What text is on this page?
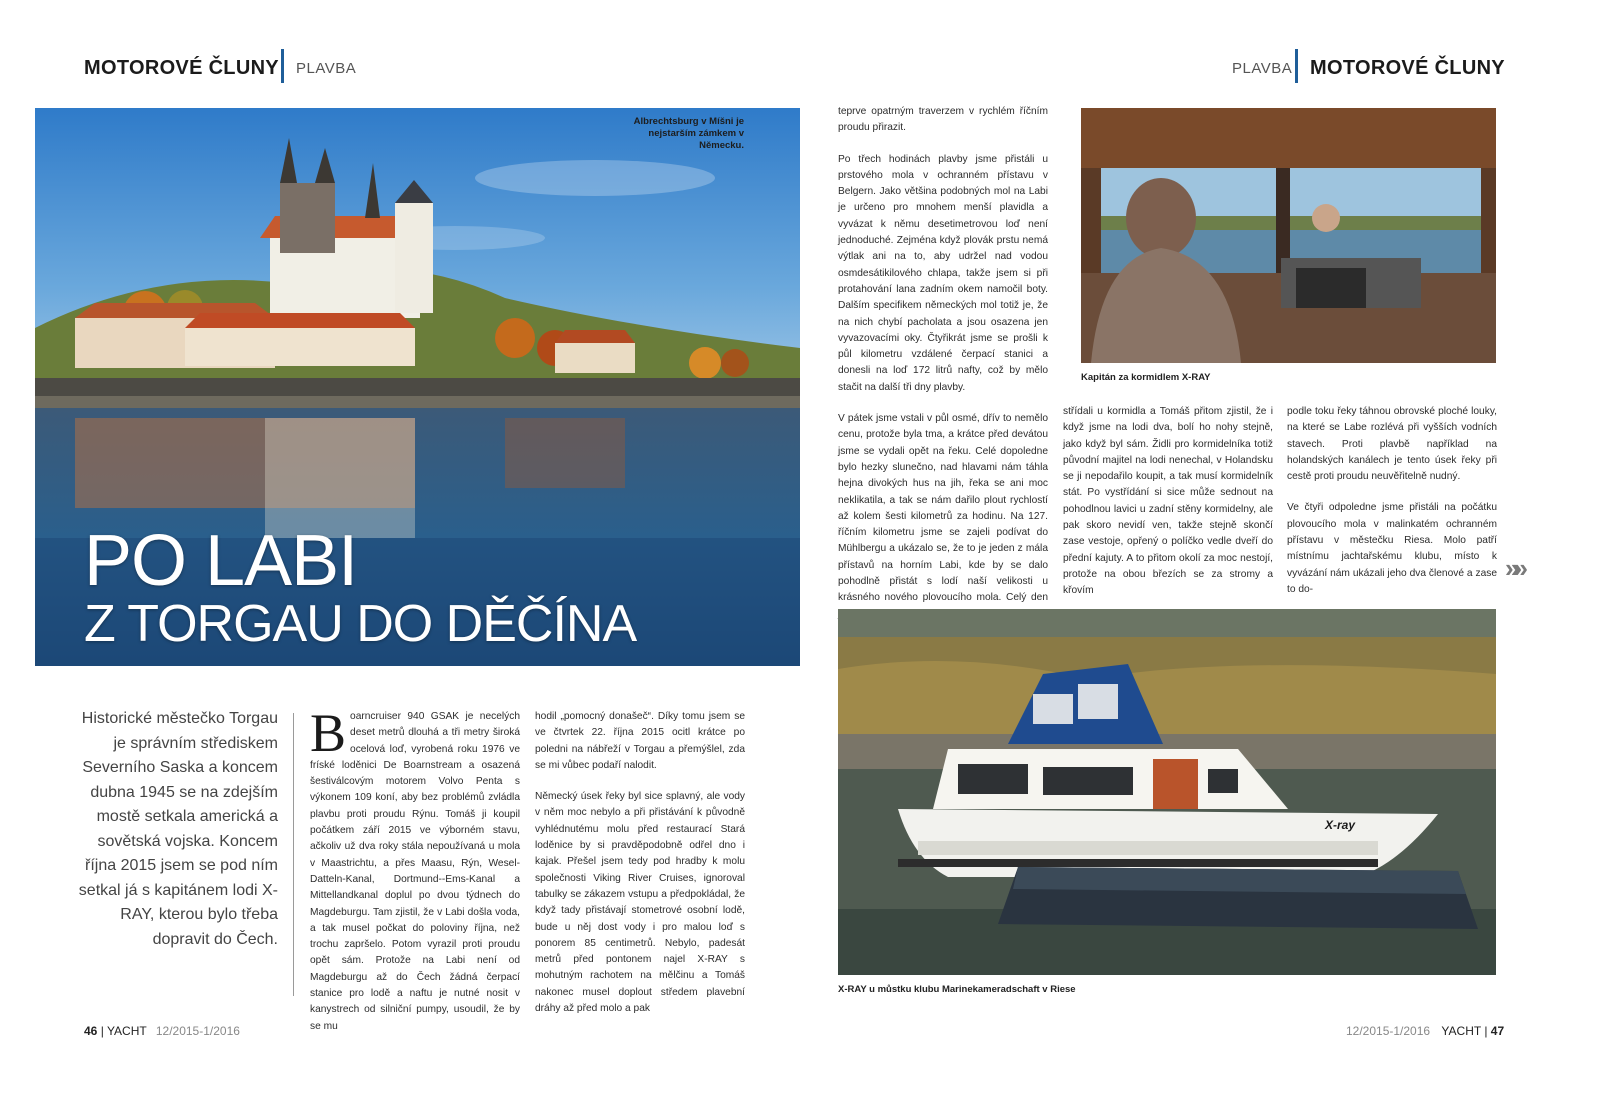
MOTOROVÉ ČLUNY PLAVBA	PLAVBA MOTOROVÉ ČLUNY
Albrechtsburg v Míšni je nejstarším zámkem v Německu.
PO LABI
Z TORGAU DO DĚČÍNA
Historické městečko Torgau je správním střediskem Severního Saska a koncem dubna 1945 se na zdejším mostě setkala americká a sovětská vojska. Koncem října 2015 jsem se pod ním setkal já s kapitánem lodi X-RAY, kterou bylo třeba dopravit do Čech.
Boarncruiser 940 GSAK je necelých deset metrů dlouhá a tři metry široká ocelová loď, vyrobená roku 1976 ve fríské loděnici De Boarnstream a osazená šestiválcovým motorem Volvo Penta s výkonem 109 koní, aby bez problémů zvládla plavbu proti proudu Rýnu. Tomáš ji koupil počátkem září 2015 ve výborném stavu, ačkoliv už dva roky stála nepoužívaná u mola v Maastrichtu, a přes Maasu, Rýn, Wesel-Datteln-Kanal, Dortmund--Ems-Kanal a Mittellandkanal doplul po dvou týdnech do Magdeburgu. Tam zjistil, že v Labi došla voda, a tak musel počkat do poloviny října, než trochu zapršelo. Potom vyrazil proti proudu opět sám. Protože na Labi není od Magdeburgu až do Čech žádná čerpací stanice pro lodě a naftu je nutné nosit v kanystrech od silniční pumpy, usoudil, že by se mu

hodil „pomocný donašeč“. Díky tomu jsem se ve čtvrtek 22. října 2015 ocitl krátce po poledni na nábřeží v Torgau a přemýšlel, zda se mi vůbec podaří nalodit.

Německý úsek řeky byl sice splavný, ale vody v něm moc nebylo a při přistávání k původně vyhlédnutému molu před restaurací Stará loděnice by si pravděpodobně odřel dno i kajak. Přešel jsem tedy pod hradby k molu společnosti Viking River Cruises, ignoroval tabulky se zákazem vstupu a předpokládal, že když tady přistávají stometrové osobní lodě, bude u něj dost vody i pro malou loď s ponorem 85 centimetrů. Nebylo, padesát metrů před pontonem najel X-RAY s mohutným rachotem na mělčinu a Tomáš nakonec musel doplout středem plavební dráhy až před molo a pak

teprve opatrným traverzem v rychlém říčním proudu přirazit.

Po třech hodinách plavby jsme přistáli u prstového mola v ochranném přístavu v Belgern. Jako většina podobných mol na Labi je určeno pro mnohem menší plavidla a vyvázat k němu desetimetrovou loď není jednoduché. Zejména když plovák prstu nemá výtlak ani na to, aby udržel nad vodou osmdesátikilového chlapa, takže jsem si při protahování lana zadním okem namočil boty. Dalším specifikem německých mol totiž je, že na nich chybí pacholata a jsou osazena jen vyvazovacími oky. Čtyřikrát jsme se prošli k půl kilometru vzdálené čerpací stanici a donesli na loď 172 litrů nafty, což by mělo stačit na další tři dny plavby.

V pátek jsme vstali v půl osmé, dřív to nemělo cenu, protože byla tma, a krátce před devátou jsme se vydali opět na řeku. Celé dopoledne bylo hezky slunečno, nad hlavami nám táhla hejna divokých hus na jih, řeka se ani moc neklikatila, a tak se nám dařilo plout rychlostí až kolem šesti kilometrů za hodinu. Na 127. říčním kilometru jsme se zajeli podívat do Mühlbergu a ukázalo se, že to je jeden z mála přístavů na horním Labi, kde by se dalo pohodlně přistát s lodí naší velikosti u krásného nového plovoucího mola. Celý den

Kapitán za kormidlem X-RAY

střídali u kormidla a Tomáš přitom zjistil, že i když jsme na lodi dva, bolí ho nohy stejně, jako když byl sám. Židli pro kormidelníka totiž původní majitel na lodi nenechal, v Holandsku se ji nepodařilo koupit, a tak musí kormidelník stát. Po vystřídání si sice může sednout na pohodlnou lavici u zadní stěny kormidelny, ale pak skoro nevidí ven, takže stejně skončí zase vestoje, opřený o políčko vedle dveří do přední kajuty. A to přitom okolí za moc nestojí, protože na obou březích se za stromy a křovím

podle toku řeky táhnou obrovské ploché louky, na které se Labe rozlévá při vyšších vodních stavech. Proti plavbě například na holandských kanálech je tento úsek řeky při cestě proti proudu neuvěřitelně nudný.

Ve čtyři odpoledne jsme přistáli na počátku plovoucího mola v malinkatém ochranném přístavu v městečku Riesa. Molo patří místnímu jachtařskému klubu, místo k vyvázání nám ukázali jeho dva členové a zase to do-

»»
X-ray
X-RAY u můstku klubu Marinekameradschaft v Riese
46 | YACHT 12/2015-1/2016	12/2015-1/2016 YACHT | 47
